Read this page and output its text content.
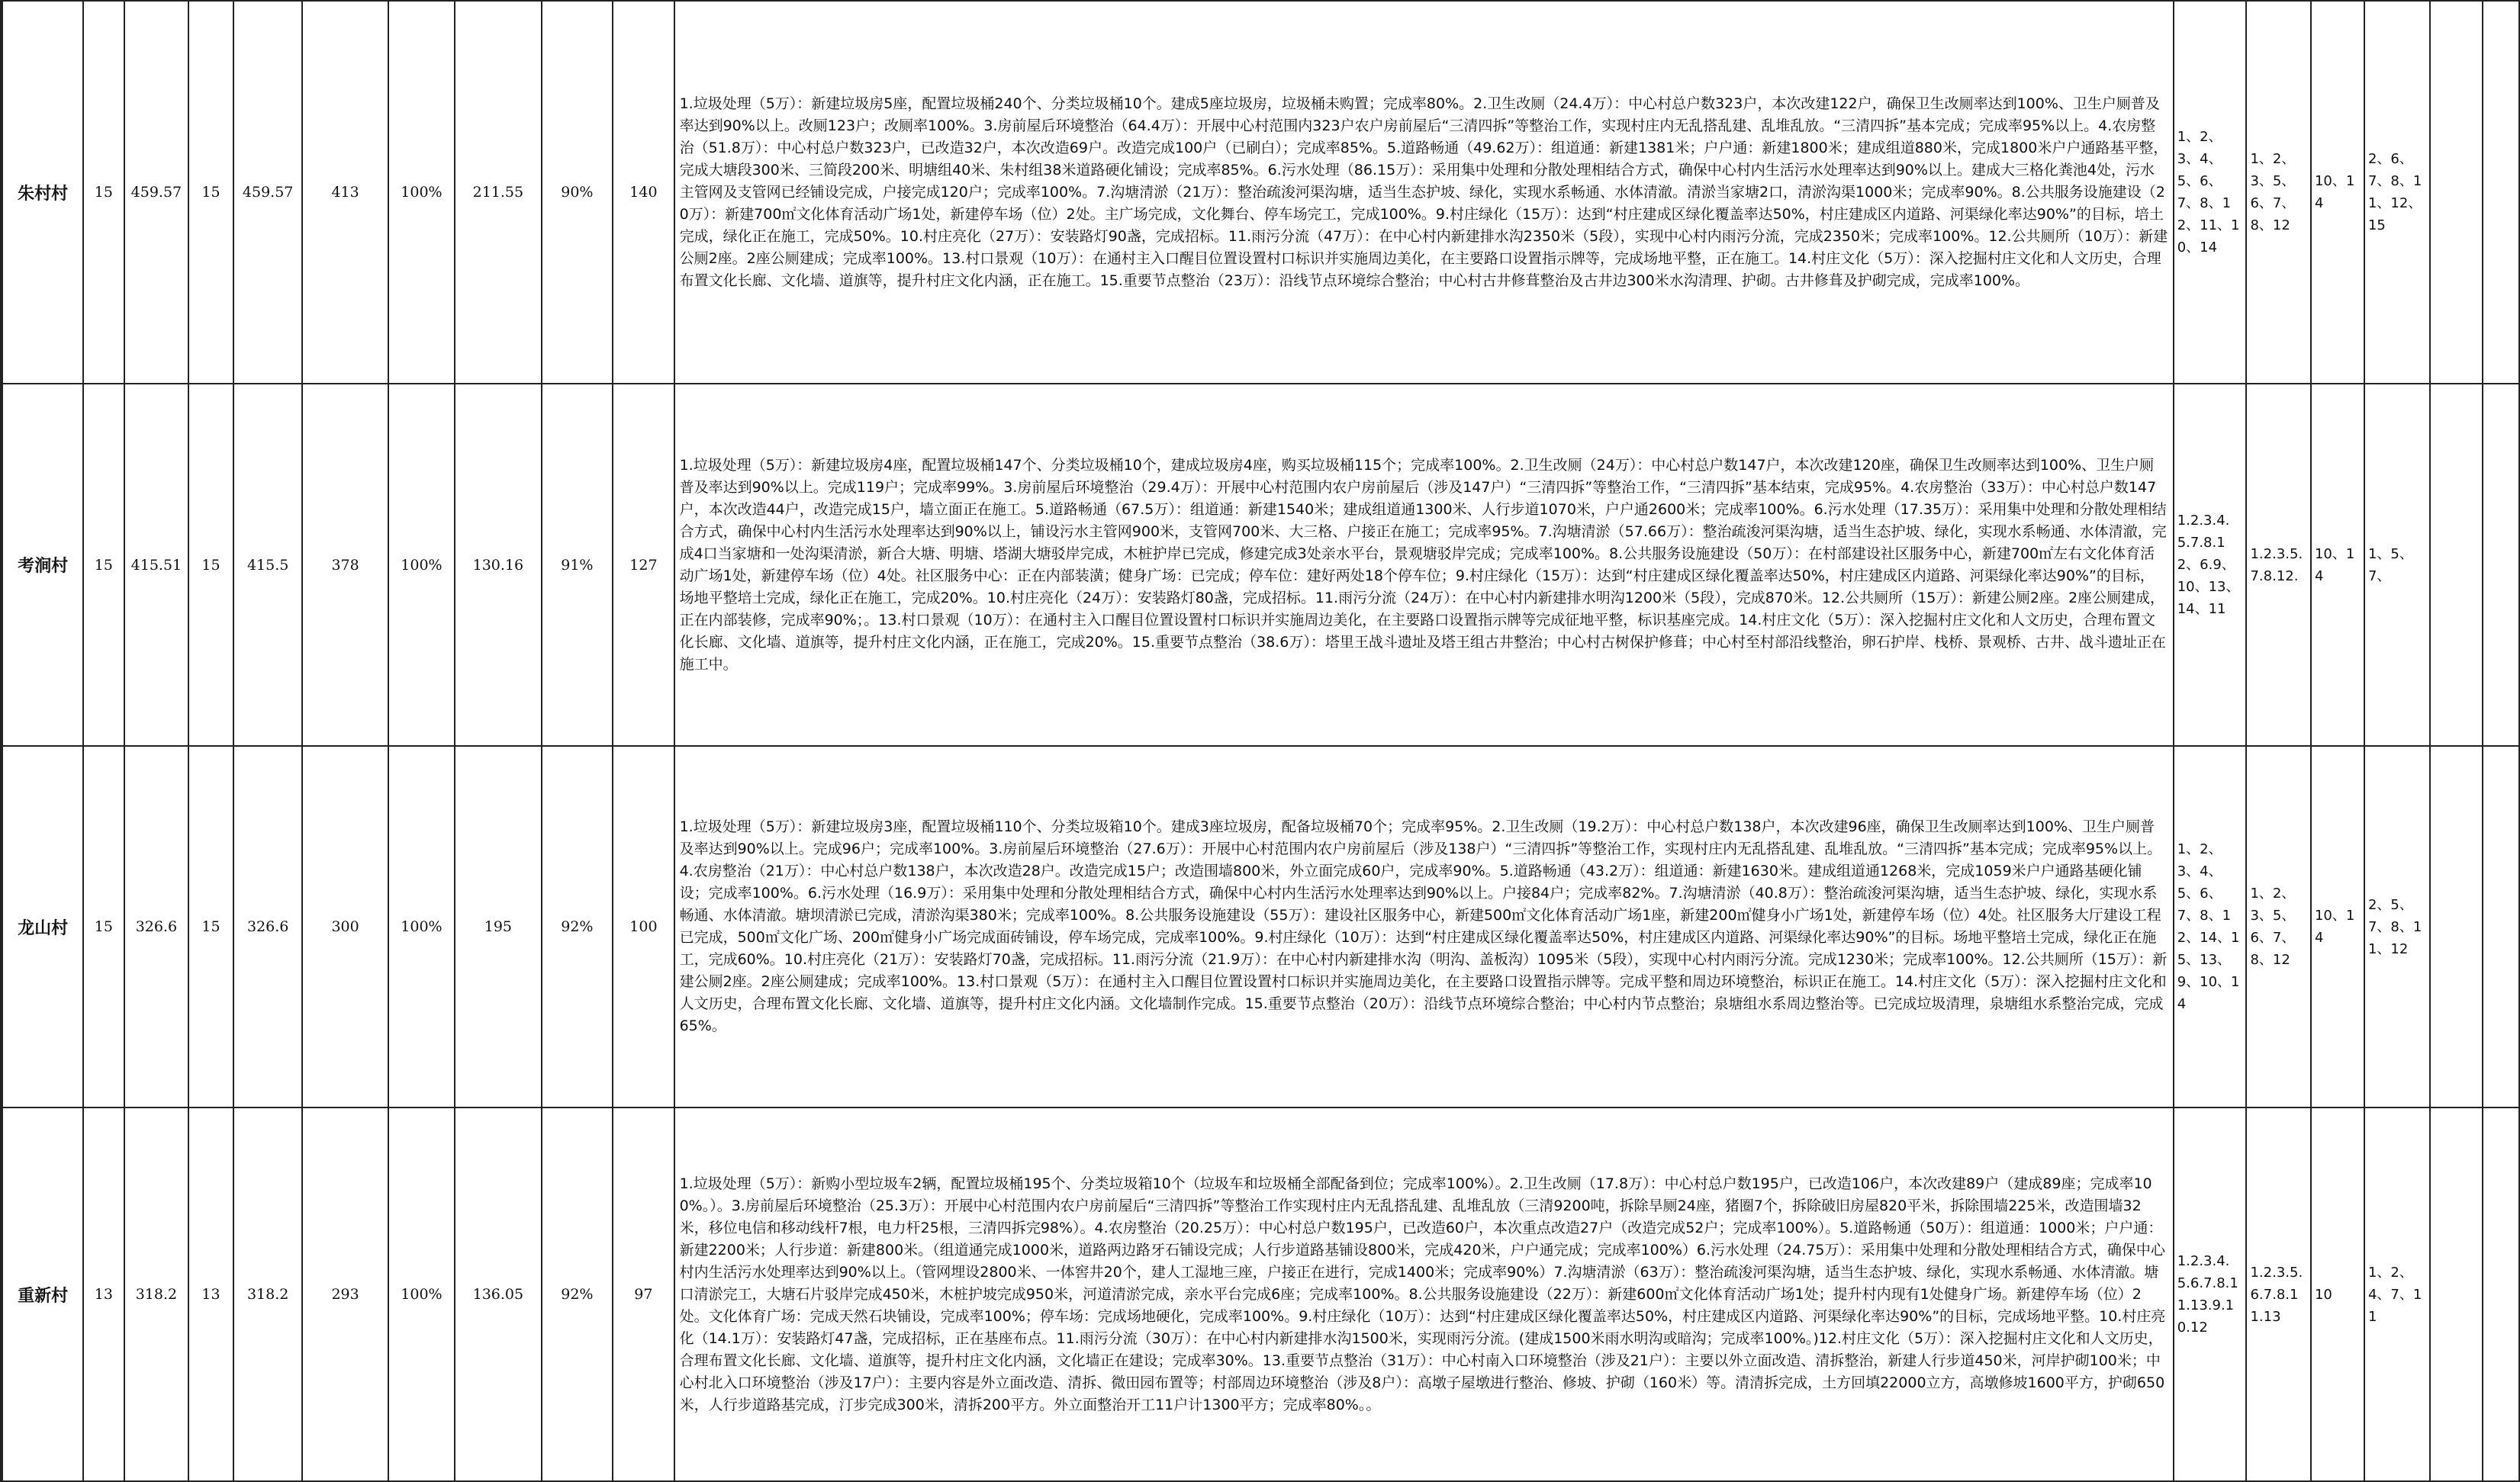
	朱村村	15	459.57	15	459.57	413	100%	211.55	90%	140	1.垃圾处理（5万）：新建垃圾房5座，配置垃圾桶240个、分类垃圾桶10个。建成5座垃圾房，垃圾桶未购置；完成率80%。2.卫生改厕（24.4万）：中心村总户数323户，本次改建122户，确保卫生改厕率达到100%、卫生户厕普及率达到90%以上。改厕123户；改厕率100%。3.房前屋后环境整治（64.4万）：开展中心村范围内323户农户房前屋后“三清四拆”等整治工作，实现村庄内无乱搭乱建、乱堆乱放。“三清四拆”基本完成；完成率95%以上。4.农房整治（51.8万）：中心村总户数323户，已改造32户，本次改造69户。改造完成100户（已刷白）；完成率85%。5.道路畅通（49.62万）：组道通：新建1381米；户户通：新建1800米；建成组道880米，完成1800米户户通路基平整，完成大塘段300米、三简段200米、明塘组40米、朱村组38米道路硬化铺设；完成率85%。6.污水处理（86.15万）：采用集中处理和分散处理相结合方式，确保中心村内生活污水处理率达到90%以上。建成大三格化粪池4处，污水主管网及支管网已经铺设完成，户接完成120户；完成率100%。7.沟塘清淤（21万）：整治疏浚河渠沟塘，适当生态护坡、绿化，实现水系畅通、水体清澈。清淤当家塘2口，清淤沟渠1000米；完成率90%。8.公共服务设施建设（20万）：新建700㎡文化体育活动广场1处，新建停车场（位）2处。主广场完成，文化舞台、停车场完工，完成100%。9.村庄绿化（15万）：达到“村庄建成区绿化覆盖率达50%，村庄建成区内道路、河渠绿化率达90%”的目标，培土完成，绿化正在施工，完成50%。10.村庄亮化（27万）：安装路灯90盏，完成招标。11.雨污分流（47万）：在中心村内新建排水沟2350米（5段），实现中心村内雨污分流，完成2350米；完成率100%。12.公共厕所（10万）：新建公厕2座。2座公厕建成；完成率100%。13.村口景观（10万）：在通村主入口醒目位置设置村口标识并实施周边美化，在主要路口设置指示牌等，完成场地平整，正在施工。14.村庄文化（5万）：深入挖掘村庄文化和人文历史，合理布置文化长廊、文化墙、道旗等，提升村庄文化内涵，正在施工。15.重要节点整治（23万）：沿线节点环境综合整治；中心村古井修葺整治及古井边300米水沟清理、护砌。古井修葺及护砌完成，完成率100%。	1、2、3、4、5、6、7、8、12、11、10、14	1、2、3、5、6、7、8、12	10、14	2、6、7、8、11、12、15		
	考涧村	15	415.51	15	415.5	378	100%	130.16	91%	127	1.垃圾处理（5万）：新建垃圾房4座，配置垃圾桶147个、分类垃圾桶10个，建成垃圾房4座，购买垃圾桶115个；完成率100%。2.卫生改厕（24万）：中心村总户数147户，本次改建120座，确保卫生改厕率达到100%、卫生户厕普及率达到90%以上。完成119户；完成率99%。3.房前屋后环境整治（29.4万）：开展中心村范围内农户房前屋后（涉及147户）“三清四拆”等整治工作，“三清四拆”基本结束，完成95%。4.农房整治（33万）：中心村总户数147户，本次改造44户，改造完成15户，墙立面正在施工。5.道路畅通（67.5万）：组道通：新建1540米；建成组道通1300米、人行步道1070米，户户通2600米；完成率100%。6.污水处理（17.35万）：采用集中处理和分散处理相结合方式，确保中心村内生活污水处理率达到90%以上，铺设污水主管网900米，支管网700米、大三格、户接正在施工；完成率95%。7.沟塘清淤（57.66万）：整治疏浚河渠沟塘，适当生态护坡、绿化，实现水系畅通、水体清澈，完成4口当家塘和一处沟渠清淤，新合大塘、明塘、塔湖大塘驳岸完成，木桩护岸已完成，修建完成3处亲水平台，景观塘驳岸完成；完成率100%。8.公共服务设施建设（50万）：在村部建设社区服务中心，新建700㎡左右文化体育活动广场1处，新建停车场（位）4处。社区服务中心：正在内部装潢；健身广场：已完成；停车位：建好两处18个停车位；9.村庄绿化（15万）：达到“村庄建成区绿化覆盖率达50%，村庄建成区内道路、河渠绿化率达90%”的目标，场地平整培土完成，绿化正在施工，完成20%。10.村庄亮化（24万）：安装路灯80盏，完成招标。11.雨污分流（24万）：在中心村内新建排水明沟1200米（5段），完成870米。12.公共厕所（15万）：新建公厕2座。2座公厕建成，正在内部装修，完成率90%；。13.村口景观（10万）：在通村主入口醒目位置设置村口标识并实施周边美化，在主要路口设置指示牌等完成征地平整，标识基座完成。14.村庄文化（5万）：深入挖掘村庄文化和人文历史，合理布置文化长廊、文化墙、道旗等，提升村庄文化内涵，正在施工，完成20%。15.重要节点整治（38.6万）：塔里王战斗遗址及塔王组古井整治；中心村古树保护修葺；中心村至村部沿线整治，卵石护岸、栈桥、景观桥、古井、战斗遗址正在施工中。	1.2.3.4.5.7.8.12、6.9、10、13、14、11	1.2.3.5.7.8.12.	10、14	1、5、7、		
	龙山村	15	326.6	15	326.6	300	100%	195	92%	100	1.垃圾处理（5万）：新建垃圾房3座，配置垃圾桶110个、分类垃圾箱10个。建成3座垃圾房，配备垃圾桶70个；完成率95%。2.卫生改厕（19.2万）：中心村总户数138户，本次改建96座，确保卫生改厕率达到100%、卫生户厕普及率达到90%以上。完成96户；完成率100%。3.房前屋后环境整治（27.6万）：开展中心村范围内农户房前屋后（涉及138户）“三清四拆”等整治工作，实现村庄内无乱搭乱建、乱堆乱放。“三清四拆”基本完成；完成率95%以上。4.农房整治（21万）：中心村总户数138户，本次改造28户。改造完成15户；改造围墙800米，外立面完成60户，完成率90%。5.道路畅通（43.2万）：组道通：新建1630米。建成组道通1268米，完成1059米户户通路基硬化铺设；完成率100%。6.污水处理（16.9万）：采用集中处理和分散处理相结合方式，确保中心村内生活污水处理率达到90%以上。户接84户；完成率82%。7.沟塘清淤（40.8万）：整治疏浚河渠沟塘，适当生态护坡、绿化，实现水系畅通、水体清澈。塘坝清淤已完成，清淤沟渠380米；完成率100%。8.公共服务设施建设（55万）：建设社区服务中心，新建500㎡文化体育活动广场1座，新建200㎡健身小广场1处，新建停车场（位）4处。社区服务大厅建设工程已完成，500㎡文化广场、200㎡健身小广场完成面砖铺设，停车场完成，完成率100%。9.村庄绿化（10万）：达到“村庄建成区绿化覆盖率达50%，村庄建成区内道路、河渠绿化率达90%”的目标。场地平整培土完成，绿化正在施工，完成60%。10.村庄亮化（21万）：安装路灯70盏，完成招标。11.雨污分流（21.9万）：在中心村内新建排水沟（明沟、盖板沟）1095米（5段），实现中心村内雨污分流。完成1230米；完成率100%。12.公共厕所（15万）：新建公厕2座。2座公厕建成；完成率100%。13.村口景观（5万）：在通村主入口醒目位置设置村口标识并实施周边美化，在主要路口设置指示牌等。完成平整和周边环境整治，标识正在施工。14.村庄文化（5万）：深入挖掘村庄文化和人文历史，合理布置文化长廊、文化墙、道旗等，提升村庄文化内涵。文化墙制作完成。15.重要节点整治（20万）：沿线节点环境综合整治；中心村内节点整治；泉塘组水系周边整治等。已完成垃圾清理，泉塘组水系整治完成，完成65%。	1、2、3、4、5、6、7、8、12、14、15、13、9、10、14	1、2、3、5、6、7、8、12	10、14	2、5、7、8、11、12		
	重新村	13	318.2	13	318.2	293	100%	136.05	92%	97	1.垃圾处理（5万）：新购小型垃圾车2辆，配置垃圾桶195个、分类垃圾箱10个（垃圾车和垃圾桶全部配备到位；完成率100%）。2.卫生改厕（17.8万）：中心村总户数195户，已改造106户，本次改建89户（建成89座；完成率100%。）。3.房前屋后环境整治（25.3万）：开展中心村范围内农户房前屋后“三清四拆”等整治工作实现村庄内无乱搭乱建、乱堆乱放（三清9200吨，拆除旱厕24座，猪圈7个，拆除破旧房屋820平米，拆除围墙225米，改造围墙32米，移位电信和移动线杆7根，电力杆25根，三清四拆完98%）。4.农房整治（20.25万）：中心村总户数195户，已改造60户，本次重点改造27户（改造完成52户；完成率100%）。5.道路畅通（50万）：组道通：1000米；户户通：新建2200米；人行步道：新建800米。（组道通完成1000米，道路两边路牙石铺设完成；人行步道路基铺设800米，完成420米，户户通完成；完成率100%）6.污水处理（24.75万）：采用集中处理和分散处理相结合方式，确保中心村内生活污水处理率达到90%以上。（管网埋设2800米、一体窖井20个，建人工湿地三座，户接正在进行，完成1400米；完成率90%）7.沟塘清淤（63万）：整治疏浚河渠沟塘，适当生态护坡、绿化，实现水系畅通、水体清澈。塘口清淤完工，大塘石片驳岸完成450米，木桩护坡完成950米，河道清淤完成，亲水平台完成6座；完成率100%。8.公共服务设施建设（22万）：新建600㎡文化体育活动广场1处；提升村内现有1处健身广场。新建停车场（位）2处。文化体育广场：完成天然石块铺设，完成率100%；停车场：完成场地硬化，完成率100%。9.村庄绿化（10万）：达到“村庄建成区绿化覆盖率达50%，村庄建成区内道路、河渠绿化率达90%”的目标，完成场地平整。10.村庄亮化（14.1万）：安装路灯47盏，完成招标，正在基座布点。11.雨污分流（30万）：在中心村内新建排水沟1500米，实现雨污分流。(建成1500米雨水明沟或暗沟；完成率100%。)12.村庄文化（5万）：深入挖掘村庄文化和人文历史，合理布置文化长廊、文化墙、道旗等，提升村庄文化内涵，文化墙正在建设；完成率30%。13.重要节点整治（31万）：中心村南入口环境整治（涉及21户）：主要以外立面改造、清拆整治，新建人行步道450米，河岸护砌100米；中心村北入口环境整治（涉及17户）：主要内容是外立面改造、清拆、微田园布置等；村部周边环境整治（涉及8户）：高墩子屋墩进行整治、修坡、护砌（160米）等。清清拆完成，土方回填22000立方，高墩修坡1600平方，护砌650米，人行步道路基完成，汀步完成300米，清拆200平方。外立面整治开工11户计1300平方；完成率80%。。	1.2.3.4.5.6.7.8.11.13.9.10.12	1.2.3.5.6.7.8.11.13	10	1、2、4、7、11		
